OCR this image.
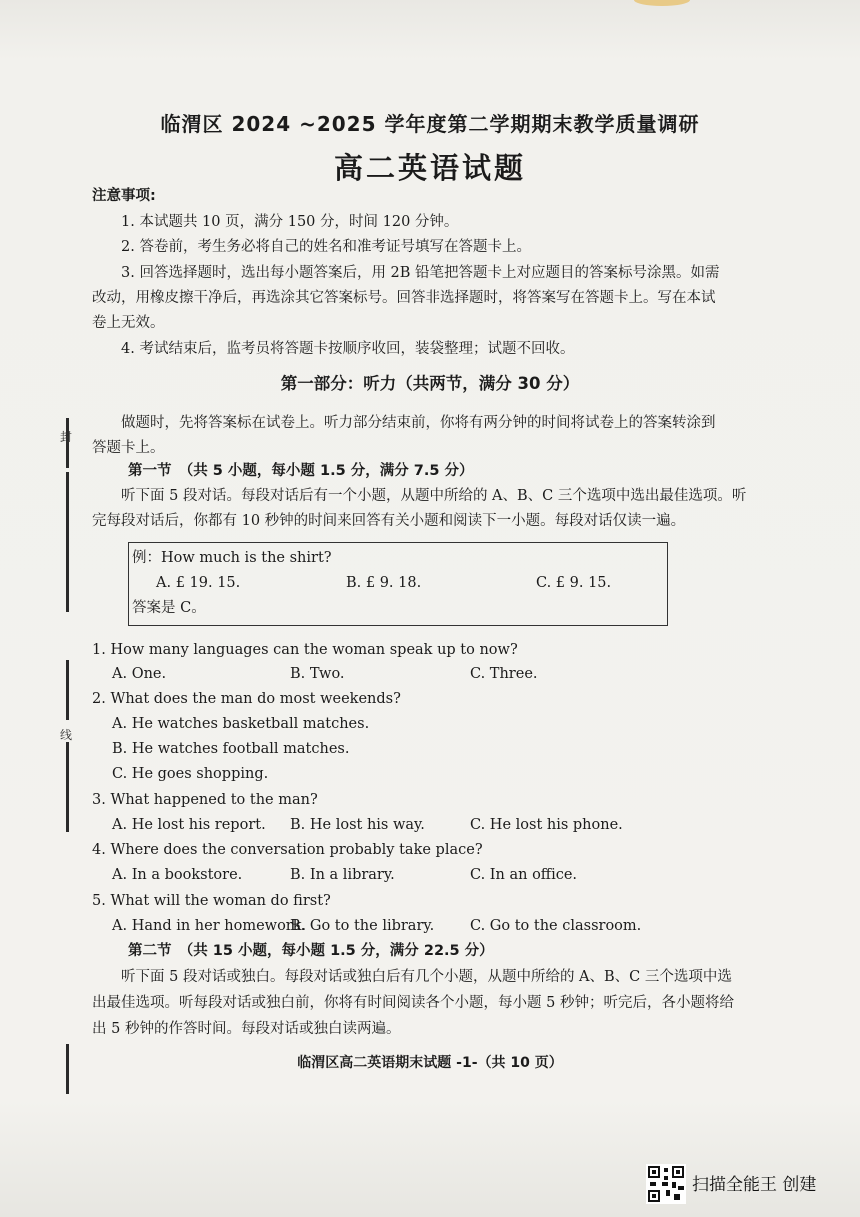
封
线
临渭区 2024 ~2025 学年度第二学期期末教学质量调研
高二英语试题
注意事项:
1. 本试题共 10 页，满分 150 分，时间 120 分钟。
2. 答卷前，考生务必将自己的姓名和准考证号填写在答题卡上。
3. 回答选择题时，选出每小题答案后，用 2B 铅笔把答题卡上对应题目的答案标号涂黑。如需
改动，用橡皮擦干净后，再选涂其它答案标号。回答非选择题时，将答案写在答题卡上。写在本试
卷上无效。
4. 考试结束后，监考员将答题卡按顺序收回，装袋整理；试题不回收。
第一部分：听力（共两节，满分 30 分）
做题时，先将答案标在试卷上。听力部分结束前，你将有两分钟的时间将试卷上的答案转涂到
答题卡上。
第一节　（共 5 小题，每小题 1.5 分，满分 7.5 分）
听下面 5 段对话。每段对话后有一个小题，从题中所给的 A、B、C 三个选项中选出最佳选项。听
完每段对话后，你都有 10 秒钟的时间来回答有关小题和阅读下一小题。每段对话仅读一遍。
例：How much is the shirt?
A. £ 19. 15.	B. £ 9. 18.	C. £ 9. 15.
答案是 C。
1. How many languages can the woman speak up to now?
A. One.	B. Two.	C. Three.
2. What does the man do most weekends?
A. He watches basketball matches.
B. He watches football matches.
C. He goes shopping.
3. What happened to the man?
A. He lost his report. B. He lost his way.	C. He lost his phone.
4. Where does the conversation probably take place?
A. In a bookstore.	B. In a library.	C. In an office.
5. What will the woman do first?
A. Hand in her homework.
B. Go to the library. C. Go to the classroom.
第二节　（共 15 小题，每小题 1.5 分，满分 22.5 分）
听下面 5 段对话或独白。每段对话或独白后有几个小题，从题中所给的 A、B、C 三个选项中选
出最佳选项。听每段对话或独白前，你将有时间阅读各个小题，每小题 5 秒钟；听完后，各小题将给
出 5 秒钟的作答时间。每段对话或独白读两遍。
临渭区高二英语期末试题 -1-（共 10 页）
扫描全能王 创建
